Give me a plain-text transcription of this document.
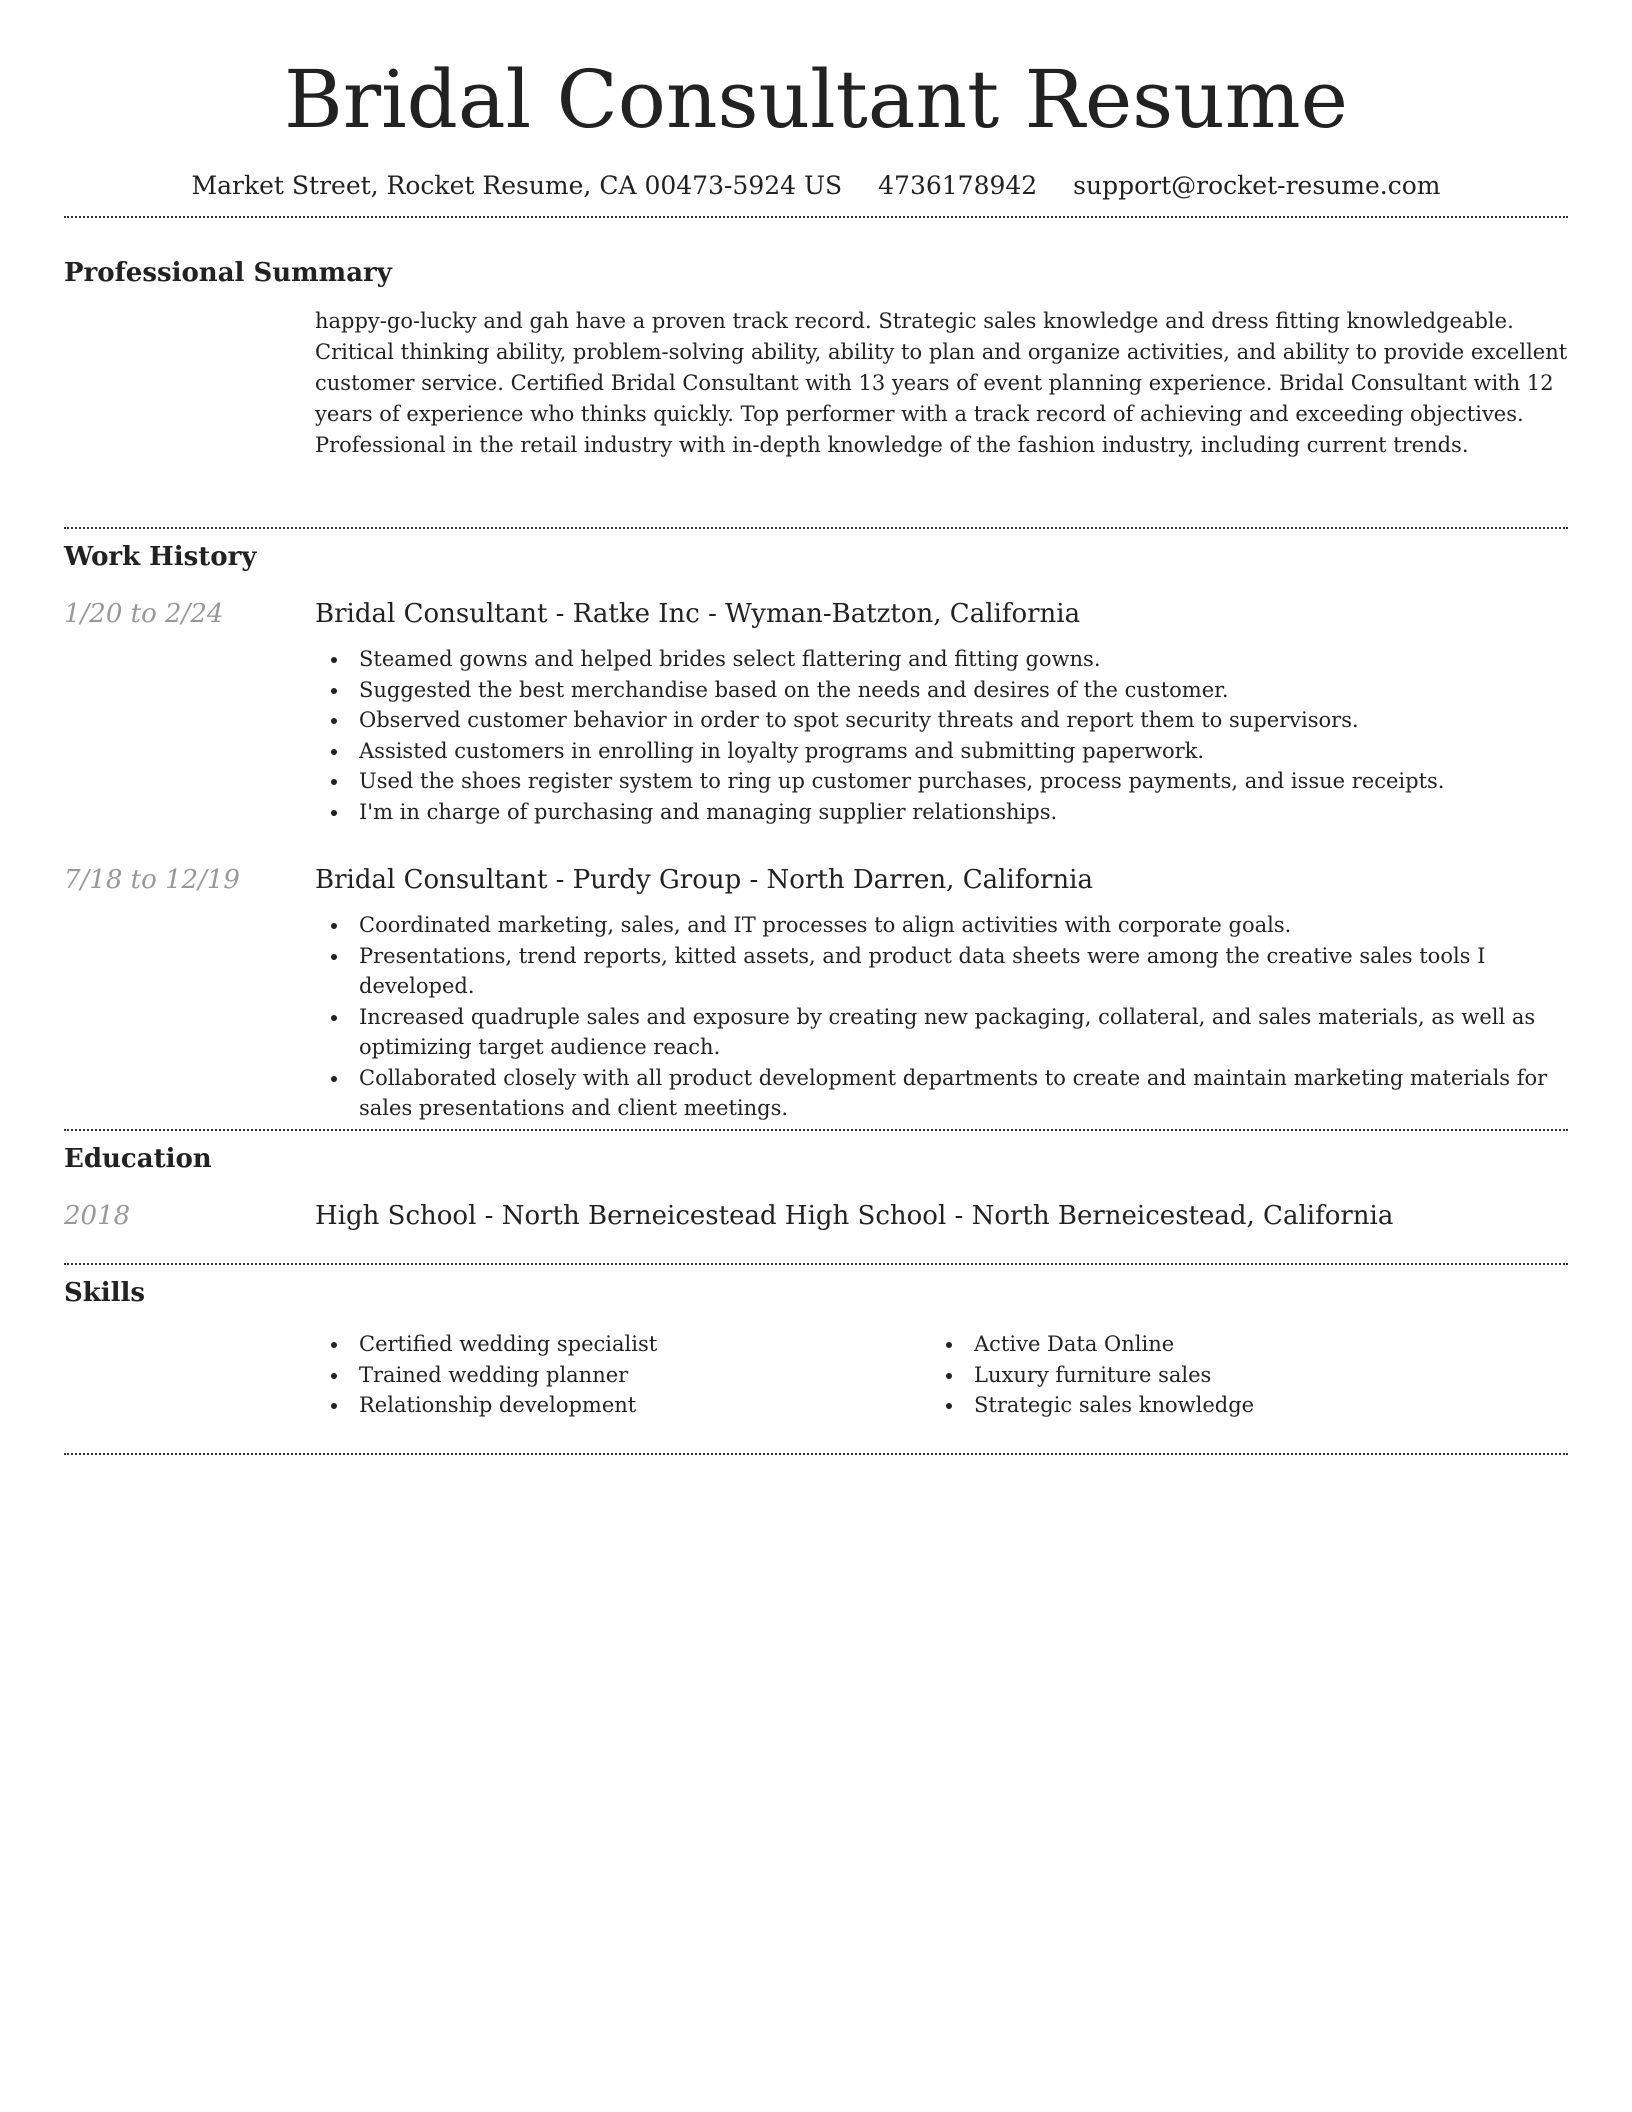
Bridal Consultant Resume
Market Street, Rocket Resume, CA 00473-5924 US 4736178942 support@rocket-resume.com
Professional Summary

happy-go-lucky and gah have a proven track record. Strategic sales knowledge and dress fitting knowledgeable. Critical thinking ability, problem-solving ability, ability to plan and organize activities, and ability to provide excellent customer service. Certified Bridal Consultant with 13 years of event planning experience. Bridal Consultant with 12 years of experience who thinks quickly. Top performer with a track record of achieving and exceeding objectives. Professional in the retail industry with in-depth knowledge of the fashion industry, including current trends.

Work History
1/20 to 2/24	Bridal Consultant - Ratke Inc - Wyman-Batzton, California
Steamed gowns and helped brides select flattering and fitting gowns.
Suggested the best merchandise based on the needs and desires of the customer.
Observed customer behavior in order to spot security threats and report them to supervisors.
Assisted customers in enrolling in loyalty programs and submitting paperwork.
Used the shoes register system to ring up customer purchases, process payments, and issue receipts.
I'm in charge of purchasing and managing supplier relationships.
7/18 to 12/19	Bridal Consultant - Purdy Group - North Darren, California
Coordinated marketing, sales, and IT processes to align activities with corporate goals.
Presentations, trend reports, kitted assets, and product data sheets were among the creative sales tools I developed.
Increased quadruple sales and exposure by creating new packaging, collateral, and sales materials, as well as optimizing target audience reach.
Collaborated closely with all product development departments to create and maintain marketing materials for sales presentations and client meetings.
Education
2018	High School - North Berneicestead High School - North Berneicestead, California
Skills
Certified wedding specialist
Trained wedding planner
Relationship development
Active Data Online
Luxury furniture sales
Strategic sales knowledge
